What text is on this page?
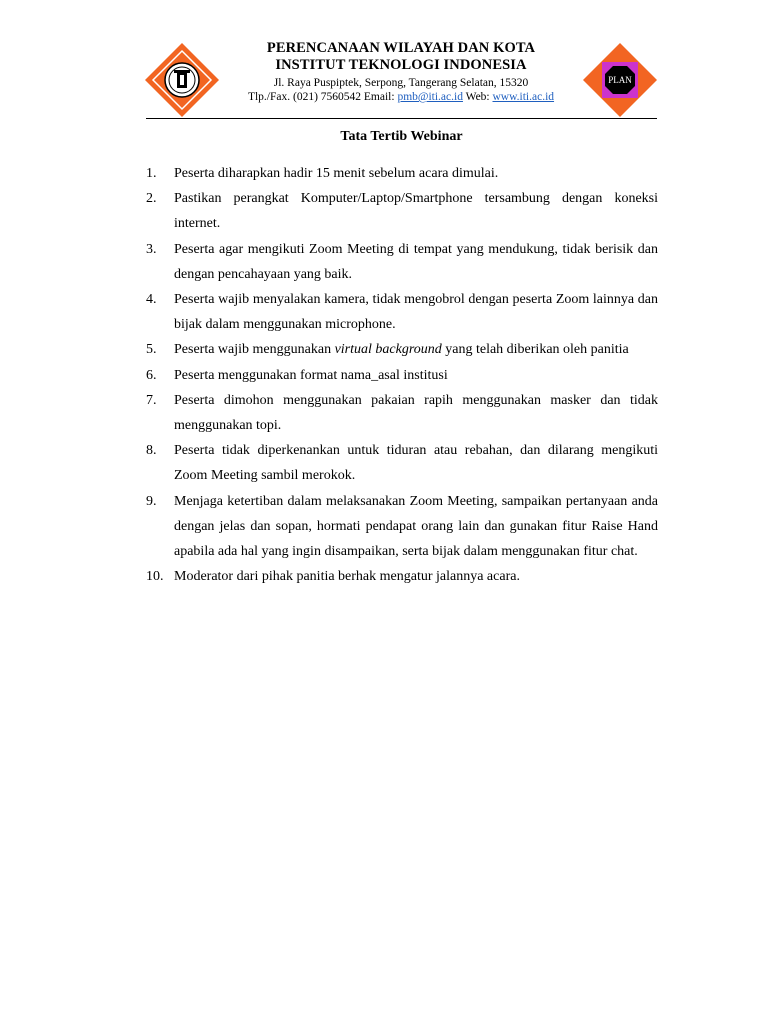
PERENCANAAN WILAYAH DAN KOTA
INSTITUT TEKNOLOGI INDONESIA
Jl. Raya Puspiptek, Serpong, Tangerang Selatan, 15320
Tlp./Fax. (021) 7560542 Email: pmb@iti.ac.id Web: www.iti.ac.id
PLAN
Tata Tertib Webinar
1. Peserta diharapkan hadir 15 menit sebelum acara dimulai.
2. Pastikan perangkat Komputer/Laptop/Smartphone tersambung dengan koneksi internet.
3. Peserta agar mengikuti Zoom Meeting di tempat yang mendukung, tidak berisik dan dengan pencahayaan yang baik.
4. Peserta wajib menyalakan kamera, tidak mengobrol dengan peserta Zoom lainnya dan bijak dalam menggunakan microphone.
5. Peserta wajib menggunakan virtual background yang telah diberikan oleh panitia
6. Peserta menggunakan format nama_asal institusi
7. Peserta dimohon menggunakan pakaian rapih menggunakan masker dan tidak menggunakan topi.
8. Peserta tidak diperkenankan untuk tiduran atau rebahan, dan dilarang mengikuti Zoom Meeting sambil merokok.
9. Menjaga ketertiban dalam melaksanakan Zoom Meeting, sampaikan pertanyaan anda dengan jelas dan sopan, hormati pendapat orang lain dan gunakan fitur Raise Hand apabila ada hal yang ingin disampaikan, serta bijak dalam menggunakan fitur chat.
10. Moderator dari pihak panitia berhak mengatur jalannya acara.
